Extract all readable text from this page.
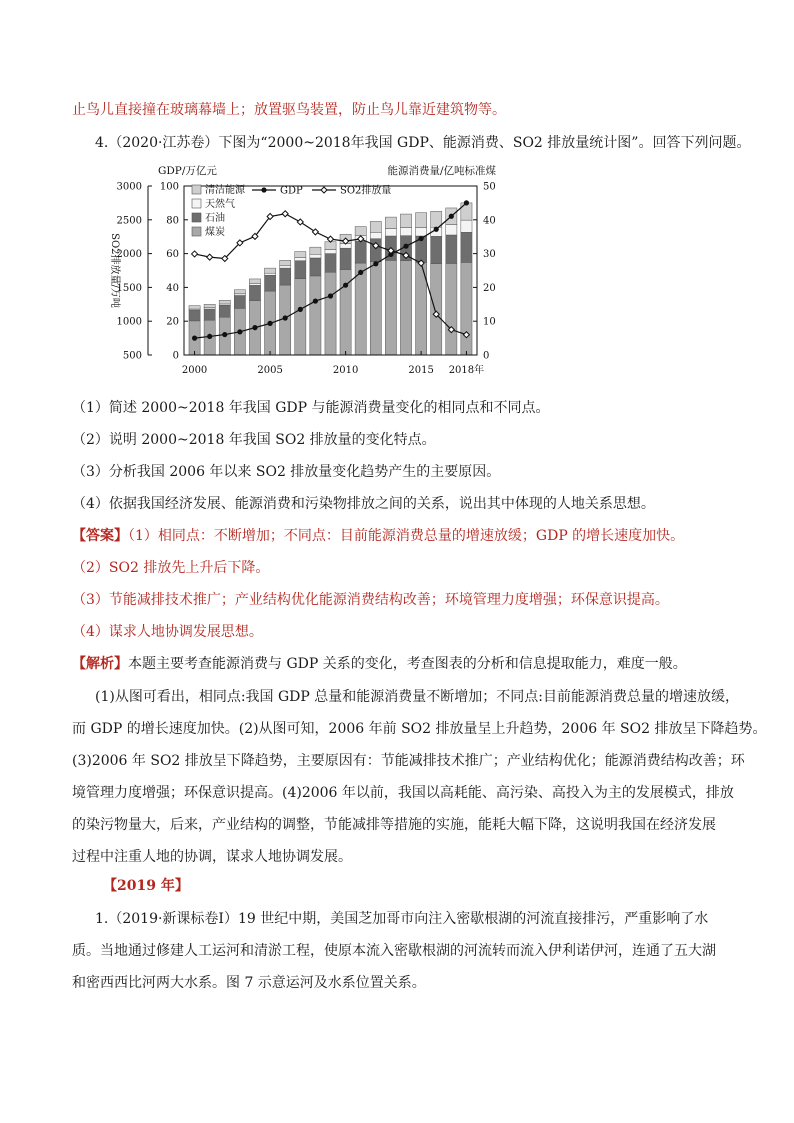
止鸟儿直接撞在玻璃幕墙上；放置驱鸟装置，防止鸟儿靠近建筑物等。
4.（2020·江苏卷）下图为“2000~2018年我国 GDP、能源消费、SO2 排放量统计图”。回答下列问题。
500
1000
1500
2000
2500
3000
0
20
40
60
80
100
0
10
20
30
40
50
2000	2005	2010	2015 2018年
GDP/万亿元	能源消费量/亿吨标准煤
SO2排放量/万吨
清洁能源
天然气
石油
煤炭
GDP	SO2排放量
（1）简述 2000~2018 年我国 GDP 与能源消费量变化的相同点和不同点。
（2）说明 2000~2018 年我国 SO2 排放量的变化特点。
（3）分析我国 2006 年以来 SO2 排放量变化趋势产生的主要原因。
（4）依据我国经济发展、能源消费和污染物排放之间的关系，说出其中体现的人地关系思想。
【答案】（1）相同点：不断增加；不同点：目前能源消费总量的增速放缓；GDP 的增长速度加快。
（2）SO2 排放先上升后下降。
（3）节能减排技术推广；产业结构优化能源消费结构改善；环境管理力度增强；环保意识提高。
（4）谋求人地协调发展思想。
【解析】本题主要考查能源消费与 GDP 关系的变化，考查图表的分析和信息提取能力，难度一般。
(1)从图可看出，相同点:我国 GDP 总量和能源消费量不断增加；不同点:目前能源消费总量的增速放缓，
而 GDP 的增长速度加快。(2)从图可知，2006 年前 SO2 排放量呈上升趋势，2006 年 SO2 排放呈下降趋势。
(3)2006 年 SO2 排放呈下降趋势，主要原因有：节能减排技术推广；产业结构优化；能源消费结构改善；环
境管理力度增强；环保意识提高。(4)2006 年以前，我国以高耗能、高污染、高投入为主的发展模式，排放
的染污物量大，后来，产业结构的调整，节能减排等措施的实施，能耗大幅下降，这说明我国在经济发展
过程中注重人地的协调，谋求人地协调发展。
【2019 年】
1.（2019·新课标卷Ⅰ）19 世纪中期，美国芝加哥市向注入密歇根湖的河流直接排污，严重影响了水
质。当地通过修建人工运河和清淤工程，使原本流入密歇根湖的河流转而流入伊利诺伊河，连通了五大湖
和密西西比河两大水系。图 7 示意运河及水系位置关系。
